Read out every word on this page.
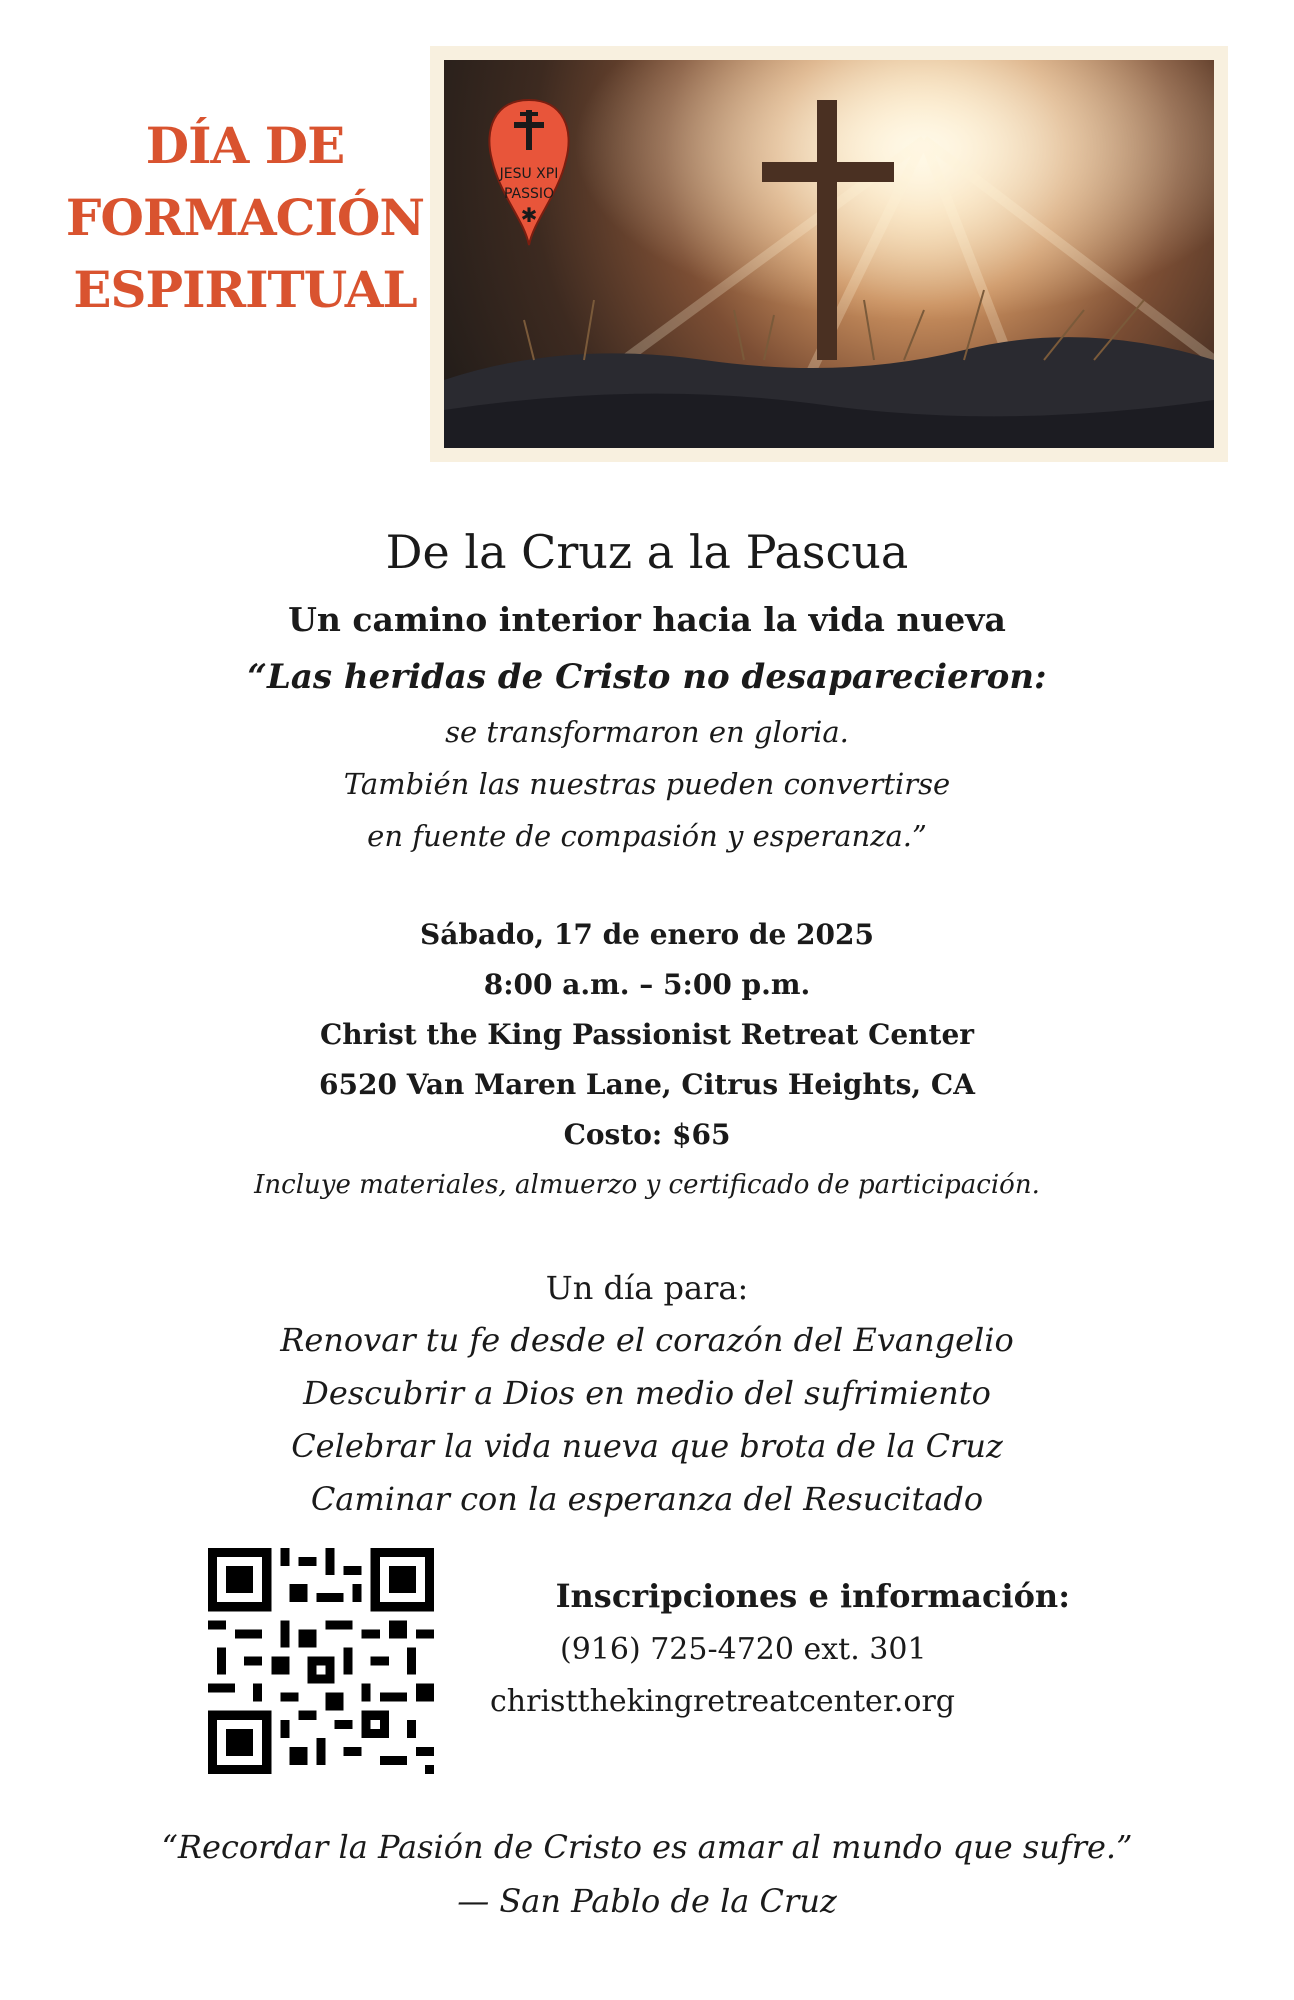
DÍA DE
FORMACIÓN
ESPIRITUAL
JESU XPI
PASSIO
✱
De la Cruz a la Pascua
Un camino interior hacia la vida nueva
“Las heridas de Cristo no desaparecieron:
se transformaron en gloria.
También las nuestras pueden convertirse
en fuente de compasión y esperanza.”
Sábado, 17 de enero de 2025
8:00 a.m. – 5:00 p.m.
Christ the King Passionist Retreat Center
6520 Van Maren Lane, Citrus Heights, CA
Costo: $65
Incluye materiales, almuerzo y certificado de participación.
Un día para:
Renovar tu fe desde el corazón del Evangelio
Descubrir a Dios en medio del sufrimiento
Celebrar la vida nueva que brota de la Cruz
Caminar con la esperanza del Resucitado
Inscripciones e información:
(916) 725-4720 ext. 301
christthekingretreatcenter.org
“Recordar la Pasión de Cristo es amar al mundo que sufre.”
— San Pablo de la Cruz
